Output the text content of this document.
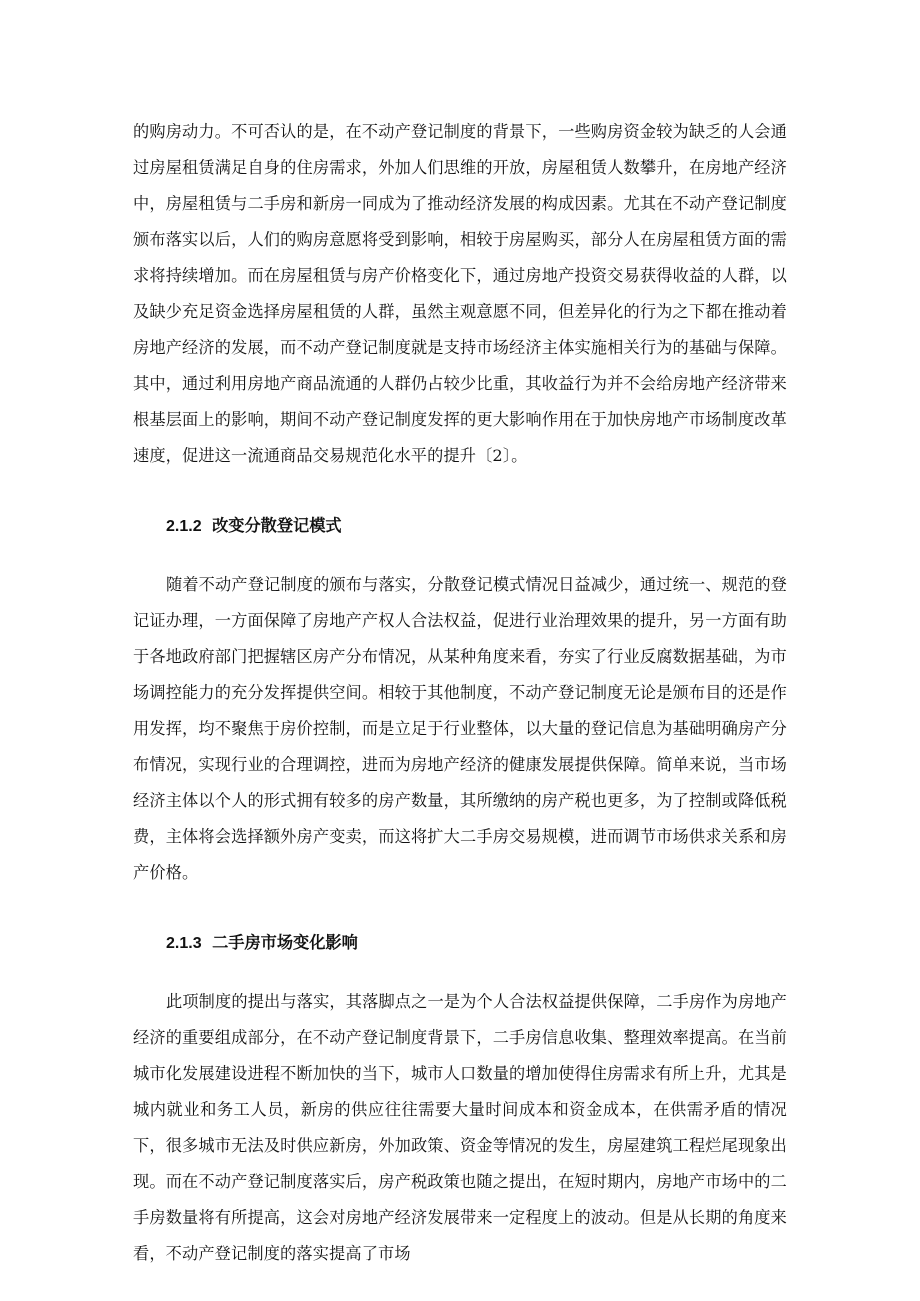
的购房动力。不可否认的是，在不动产登记制度的背景下，一些购房资金较为缺乏的人会通过房屋租赁满足自身的住房需求，外加人们思维的开放，房屋租赁人数攀升，在房地产经济中，房屋租赁与二手房和新房一同成为了推动经济发展的构成因素。尤其在不动产登记制度颁布落实以后，人们的购房意愿将受到影响，相较于房屋购买，部分人在房屋租赁方面的需求将持续增加。而在房屋租赁与房产价格变化下，通过房地产投资交易获得收益的人群，以及缺少充足资金选择房屋租赁的人群，虽然主观意愿不同，但差异化的行为之下都在推动着房地产经济的发展，而不动产登记制度就是支持市场经济主体实施相关行为的基础与保障。其中，通过利用房地产商品流通的人群仍占较少比重，其收益行为并不会给房地产经济带来根基层面上的影响，期间不动产登记制度发挥的更大影响作用在于加快房地产市场制度改革速度，促进这一流通商品交易规范化水平的提升〔2〕。

2.1.2 改变分散登记模式

随着不动产登记制度的颁布与落实，分散登记模式情况日益减少，通过统一、规范的登记证办理，一方面保障了房地产产权人合法权益，促进行业治理效果的提升，另一方面有助于各地政府部门把握辖区房产分布情况，从某种角度来看，夯实了行业反腐数据基础，为市场调控能力的充分发挥提供空间。相较于其他制度，不动产登记制度无论是颁布目的还是作用发挥，均不聚焦于房价控制，而是立足于行业整体，以大量的登记信息为基础明确房产分布情况，实现行业的合理调控，进而为房地产经济的健康发展提供保障。简单来说，当市场经济主体以个人的形式拥有较多的房产数量，其所缴纳的房产税也更多，为了控制或降低税费，主体将会选择额外房产变卖，而这将扩大二手房交易规模，进而调节市场供求关系和房产价格。

2.1.3 二手房市场变化影响

此项制度的提出与落实，其落脚点之一是为个人合法权益提供保障，二手房作为房地产经济的重要组成部分，在不动产登记制度背景下，二手房信息收集、整理效率提高。在当前城市化发展建设进程不断加快的当下，城市人口数量的增加使得住房需求有所上升，尤其是城内就业和务工人员，新房的供应往往需要大量时间成本和资金成本，在供需矛盾的情况下，很多城市无法及时供应新房，外加政策、资金等情况的发生，房屋建筑工程烂尾现象出现。而在不动产登记制度落实后，房产税政策也随之提出，在短时期内，房地产市场中的二手房数量将有所提高，这会对房地产经济发展带来一定程度上的波动。但是从长期的角度来看，不动产登记制度的落实提高了市场
